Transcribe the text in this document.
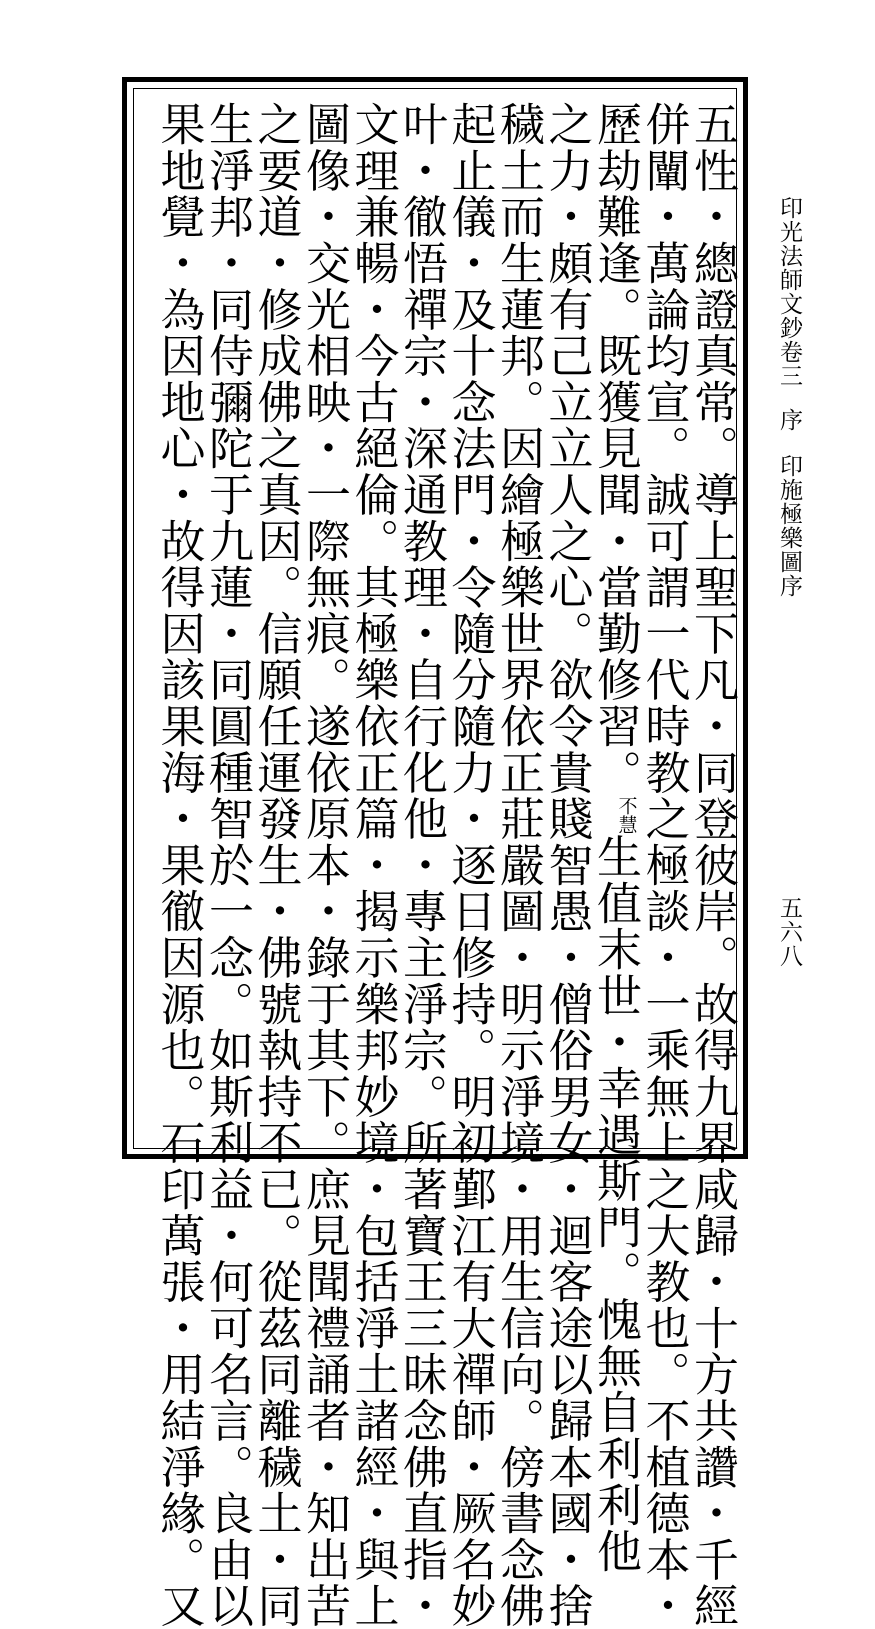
五性・總證真常。導上聖下凡・同登彼岸。故得九界咸歸・十方共讚・千經
併闡・萬論均宣。誠可謂一代時教之極談・一乘無上之大教也。不植德本・
歷劫難逢。既獲見聞・當勤修習。不慧生值末世・幸遇斯門。愧無自利利他
之力・頗有己立立人之心。欲令貴賤智愚・僧俗男女・迴客途以歸本國・捨
穢土而生蓮邦。因繪極樂世界依正莊嚴圖・明示淨境・用生信向。傍書念佛
起止儀・及十念法門・令隨分隨力・逐日修持。明初鄞江有大禪師・厥名妙
叶・徹悟禪宗・深通教理・自行化他・專主淨宗。所著寶王三昧念佛直指・
文理兼暢・今古絕倫。其極樂依正篇・揭示樂邦妙境・包括淨土諸經・與上
圖像・交光相映・一際無痕。遂依原本・錄于其下。庶見聞禮誦者・知出苦
之要道・修成佛之真因。信願任運發生・佛號執持不已。從茲同離穢土・同
生淨邦・同侍彌陀于九蓮・同圓種智於一念。如斯利益・何可名言。良由以
果地覺・為因地心・故得因該果海・果徹因源也。石印萬張・用結淨緣。又	印光法師文鈔卷三序印施極樂圖序
五六八
